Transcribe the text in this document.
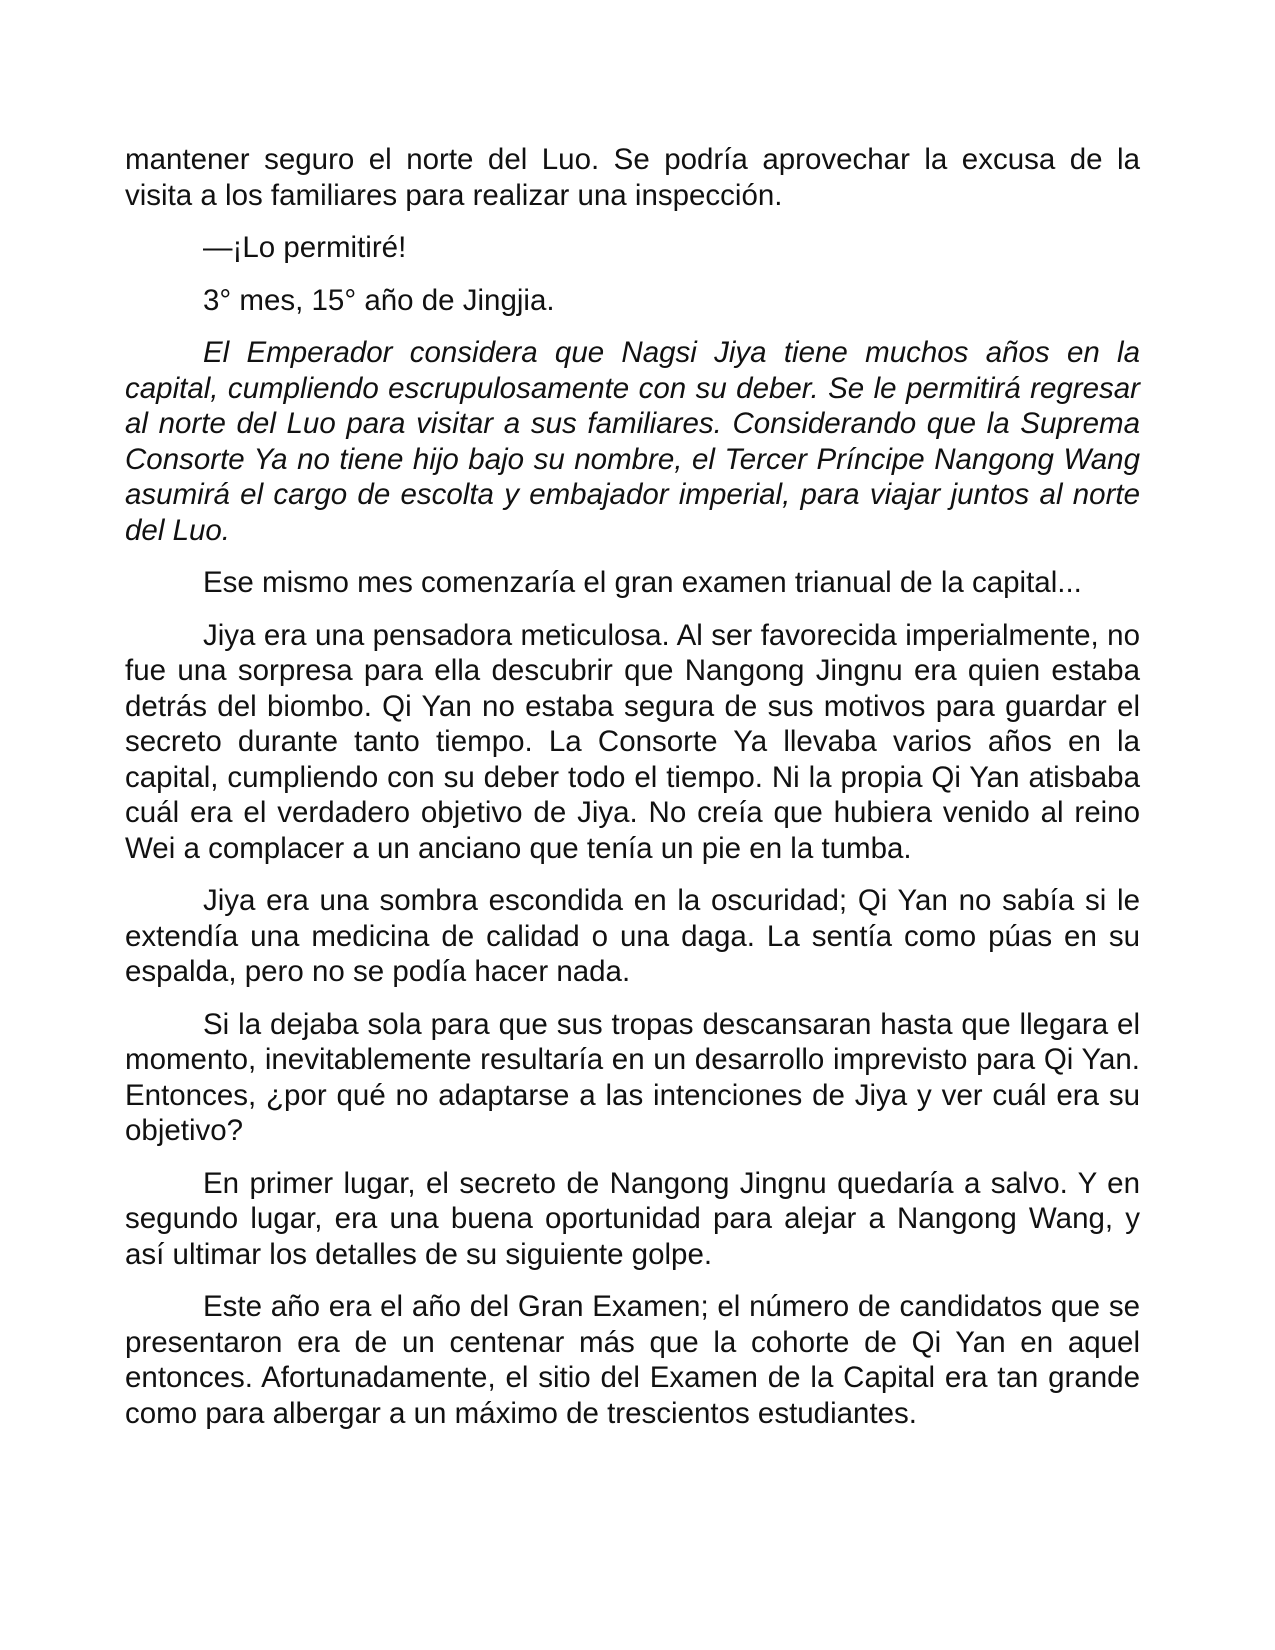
mantener seguro el norte del Luo. Se podría aprovechar la excusa de la visita a los familiares para realizar una inspección.

—¡Lo permitiré!

3° mes, 15° año de Jingjia.

El Emperador considera que Nagsi Jiya tiene muchos años en la capital, cumpliendo escrupulosamente con su deber. Se le permitirá regresar al norte del Luo para visitar a sus familiares. Considerando que la Suprema Consorte Ya no tiene hijo bajo su nombre, el Tercer Príncipe Nangong Wang asumirá el cargo de escolta y embajador imperial, para viajar juntos al norte del Luo.

Ese mismo mes comenzaría el gran examen trianual de la capital...

Jiya era una pensadora meticulosa. Al ser favorecida imperialmente, no fue una sorpresa para ella descubrir que Nangong Jingnu era quien estaba detrás del biombo. Qi Yan no estaba segura de sus motivos para guardar el secreto durante tanto tiempo. La Consorte Ya llevaba varios años en la capital, cumpliendo con su deber todo el tiempo. Ni la propia Qi Yan atisbaba cuál era el verdadero objetivo de Jiya. No creía que hubiera venido al reino Wei a complacer a un anciano que tenía un pie en la tumba.

Jiya era una sombra escondida en la oscuridad; Qi Yan no sabía si le extendía una medicina de calidad o una daga. La sentía como púas en su espalda, pero no se podía hacer nada.

Si la dejaba sola para que sus tropas descansaran hasta que llegara el momento, inevitablemente resultaría en un desarrollo imprevisto para Qi Yan. Entonces, ¿por qué no adaptarse a las intenciones de Jiya y ver cuál era su objetivo?

En primer lugar, el secreto de Nangong Jingnu quedaría a salvo. Y en segundo lugar, era una buena oportunidad para alejar a Nangong Wang, y así ultimar los detalles de su siguiente golpe.

Este año era el año del Gran Examen; el número de candidatos que se presentaron era de un centenar más que la cohorte de Qi Yan en aquel entonces. Afortunadamente, el sitio del Examen de la Capital era tan grande como para albergar a un máximo de trescientos estudiantes.
